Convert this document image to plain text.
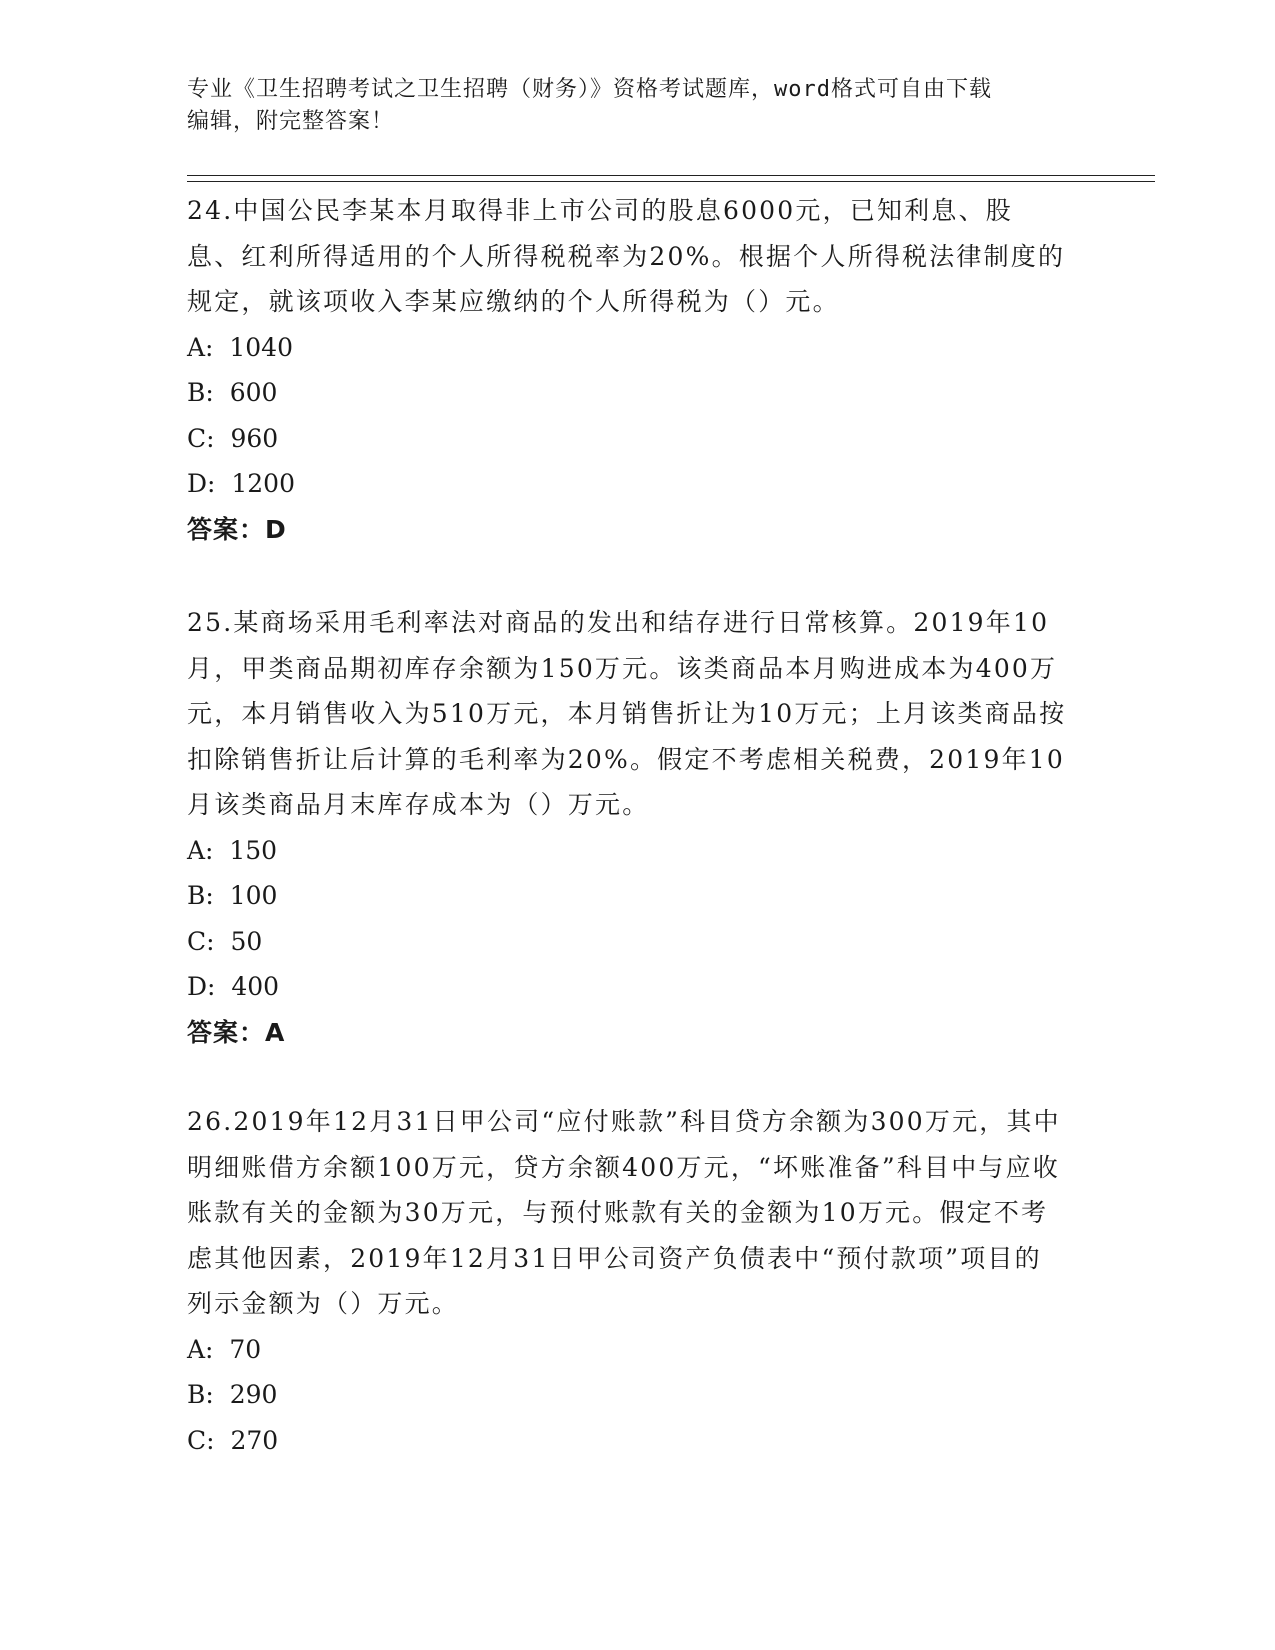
专业《卫生招聘考试之卫生招聘（财务）》资格考试题库，word格式可自由下载
编辑，附完整答案！

24.中国公民李某本月取得非上市公司的股息6000元，已知利息、股息、红利所得适用的个人所得税税率为20%。根据个人所得税法律制度的规定，就该项收入李某应缴纳的个人所得税为（）元。

A:  1040

B:  600

C:  960

D:  1200

答案：D

25.某商场采用毛利率法对商品的发出和结存进行日常核算。2019年10月，甲类商品期初库存余额为150万元。该类商品本月购进成本为400万元，本月销售收入为510万元，本月销售折让为10万元；上月该类商品按扣除销售折让后计算的毛利率为20%。假定不考虑相关税费，2019年10月该类商品月末库存成本为（）万元。

A:  150

B:  100

C:  50

D:  400

答案：A

26.2019年12月31日甲公司“应付账款”科目贷方余额为300万元，其中明细账借方余额100万元，贷方余额400万元，“坏账准备”科目中与应收账款有关的金额为30万元，与预付账款有关的金额为10万元。假定不考虑其他因素，2019年12月31日甲公司资产负债表中“预付款项”项目的列示金额为（）万元。

A:  70

B:  290

C:  270
